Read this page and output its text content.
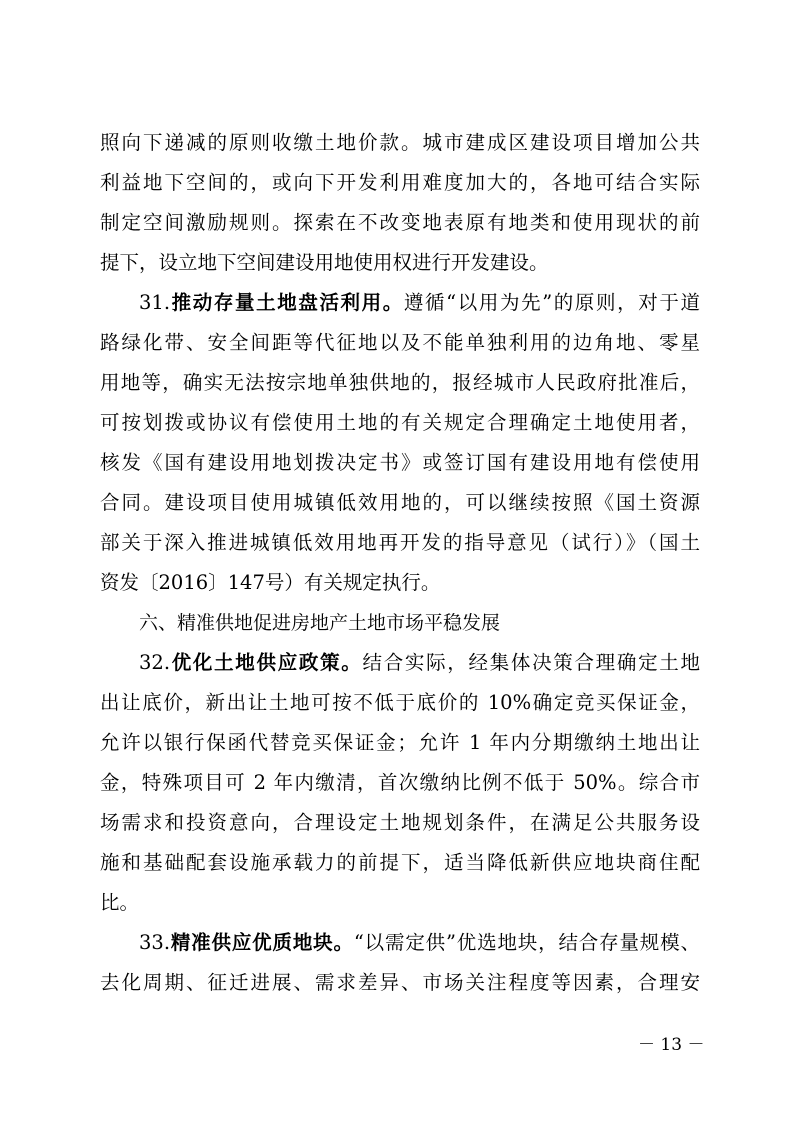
照向下递减的原则收缴土地价款。城市建成区建设项目增加公共
利益地下空间的，或向下开发利用难度加大的，各地可结合实际
制定空间激励规则。探索在不改变地表原有地类和使用现状的前
提下，设立地下空间建设用地使用权进行开发建设。
31.推动存量土地盘活利用。遵循“以用为先”的原则，对于道
路绿化带、安全间距等代征地以及不能单独利用的边角地、零星
用地等，确实无法按宗地单独供地的，报经城市人民政府批准后，
可按划拨或协议有偿使用土地的有关规定合理确定土地使用者，
核发《国有建设用地划拨决定书》或签订国有建设用地有偿使用
合同。建设项目使用城镇低效用地的，可以继续按照《国土资源
部关于深入推进城镇低效用地再开发的指导意见（试行）》（国土
资发〔2016〕147号）有关规定执行。
六、精准供地促进房地产土地市场平稳发展
32.优化土地供应政策。结合实际，经集体决策合理确定土地
出让底价，新出让土地可按不低于底价的 10%确定竞买保证金，
允许以银行保函代替竞买保证金；允许 1 年内分期缴纳土地出让
金，特殊项目可 2 年内缴清，首次缴纳比例不低于 50%。综合市
场需求和投资意向，合理设定土地规划条件，在满足公共服务设
施和基础配套设施承载力的前提下，适当降低新供应地块商住配
比。
33.精准供应优质地块。“以需定供”优选地块，结合存量规模、
去化周期、征迁进展、需求差异、市场关注程度等因素，合理安
－ 13 －
